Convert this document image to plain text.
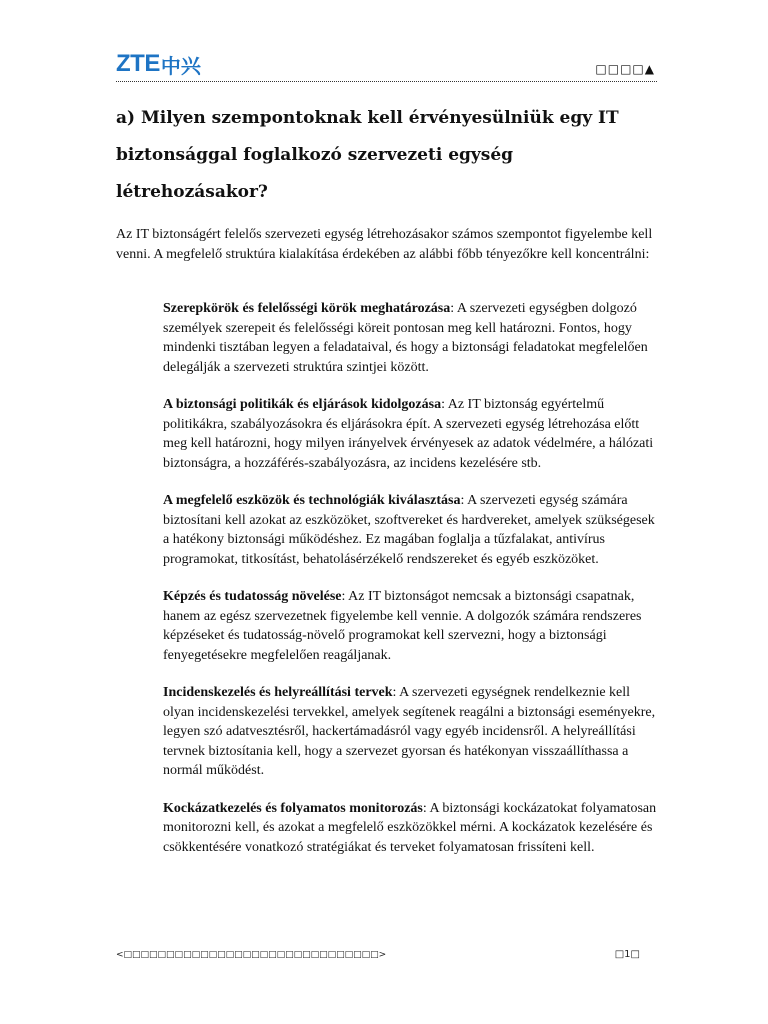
ZTE 中兴	□□□□▲
a) Milyen szempontoknak kell érvényesülniük egy IT biztonsággal foglalkozó szervezeti egység létrehozásakor?

Az IT biztonságért felelős szervezeti egység létrehozásakor számos szempontot figyelembe kell venni. A megfelelő struktúra kialakítása érdekében az alábbi főbb tényezőkre kell koncentrálni:

Szerepkörök és felelősségi körök meghatározása: A szervezeti egységben dolgozó személyek szerepeit és felelősségi köreit pontosan meg kell határozni. Fontos, hogy mindenki tisztában legyen a feladataival, és hogy a biztonsági feladatokat megfelelően delegálják a szervezeti struktúra szintjei között.
A biztonsági politikák és eljárások kidolgozása: Az IT biztonság egyértelmű politikákra, szabályozásokra és eljárásokra épít. A szervezeti egység létrehozása előtt meg kell határozni, hogy milyen irányelvek érvényesek az adatok védelmére, a hálózati biztonságra, a hozzáférés-szabályozásra, az incidens kezelésére stb.
A megfelelő eszközök és technológiák kiválasztása: A szervezeti egység számára biztosítani kell azokat az eszközöket, szoftvereket és hardvereket, amelyek szükségesek a hatékony biztonsági működéshez. Ez magában foglalja a tűzfalakat, antivírus programokat, titkosítást, behatolásérzékelő rendszereket és egyéb eszközöket.
Képzés és tudatosság növelése: Az IT biztonságot nemcsak a biztonsági csapatnak, hanem az egész szervezetnek figyelembe kell vennie. A dolgozók számára rendszeres képzéseket és tudatosság-növelő programokat kell szervezni, hogy a biztonsági fenyegetésekre megfelelően reagáljanak.
Incidenskezelés és helyreállítási tervek: A szervezeti egységnek rendelkeznie kell olyan incidenskezelési tervekkel, amelyek segítenek reagálni a biztonsági eseményekre, legyen szó adatvesztésről, hackertámadásról vagy egyéb incidensről. A helyreállítási tervnek biztosítania kell, hogy a szervezet gyorsan és hatékonyan visszaállíthassa a normál működést.
Kockázatkezelés és folyamatos monitorozás: A biztonsági kockázatokat folyamatosan monitorozni kell, és azokat a megfelelő eszközökkel mérni. A kockázatok kezelésére és csökkentésére vonatkozó stratégiákat és terveket folyamatosan frissíteni kell.
<□□□□□□□□□□□□□□□□□□□□□□□□□□□□□□>	□1□
